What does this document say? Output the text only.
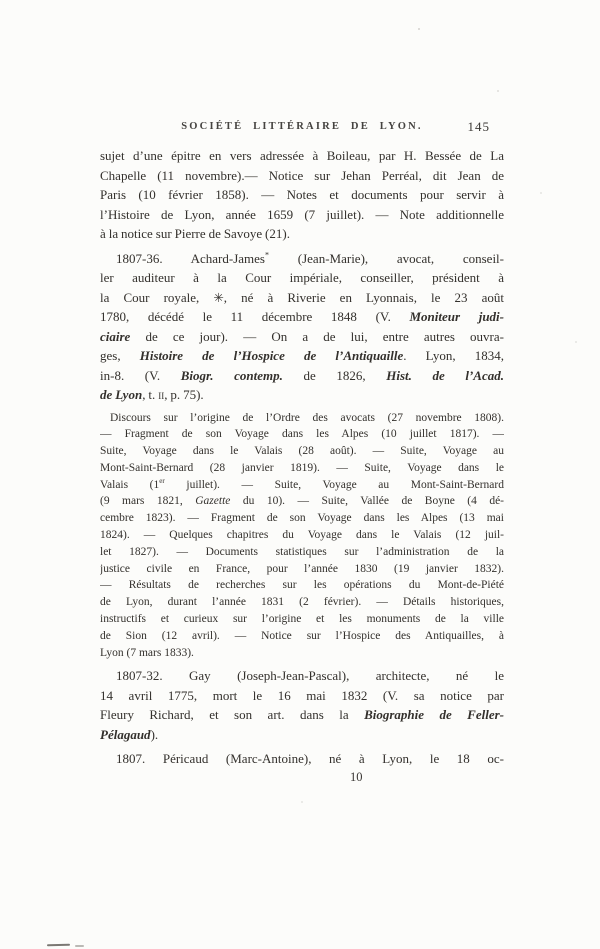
SOCIÉTÉ LITTÉRAIRE DE LYON.	145
sujet d’une épitre en vers adressée à Boileau, par H. Bessée de La
Chapelle (11 novembre).— Notice sur Jehan Perréal, dit Jean de
Paris (10 février 1858). — Notes et documents pour servir à
l’Histoire de Lyon, année 1659 (7 juillet). — Note additionnelle
à la notice sur Pierre de Savoye (21).
1807-36. Achard-James* (Jean-Marie), avocat, conseil-
ler auditeur à la Cour impériale, conseiller, président à
la Cour royale, ✳, né à Riverie en Lyonnais, le 23 août
1780, décédé le 11 décembre 1848 (V. Moniteur judi-
ciaire de ce jour). — On a de lui, entre autres ouvra-
ges, Histoire de l’Hospice de l’Antiquaille. Lyon, 1834,
in-8. (V. Biogr. contemp. de 1826, Hist. de l’Acad.
de Lyon, t. ii, p. 75).
Discours sur l’origine de l’Ordre des avocats (27 novembre 1808).
— Fragment de son Voyage dans les Alpes (10 juillet 1817). —
Suite, Voyage dans le Valais (28 août). — Suite, Voyage au
Mont-Saint-Bernard (28 janvier 1819). — Suite, Voyage dans le
Valais (1er juillet). — Suite, Voyage au Mont-Saint-Bernard
(9 mars 1821, Gazette du 10). — Suite, Vallée de Boyne (4 dé-
cembre 1823). — Fragment de son Voyage dans les Alpes (13 mai
1824). — Quelques chapitres du Voyage dans le Valais (12 juil-
let 1827). — Documents statistiques sur l’administration de la
justice civile en France, pour l’année 1830 (19 janvier 1832).
— Résultats de recherches sur les opérations du Mont-de-Piété
de Lyon, durant l’année 1831 (2 février). — Détails historiques,
instructifs et curieux sur l’origine et les monuments de la ville
de Sion (12 avril). — Notice sur l’Hospice des Antiquailles, à
Lyon (7 mars 1833).
1807-32. Gay (Joseph-Jean-Pascal), architecte, né le
14 avril 1775, mort le 16 mai 1832 (V. sa notice par
Fleury Richard, et son art. dans la Biographie de Feller-
Pélagaud).
1807. Péricaud (Marc-Antoine), né à Lyon, le 18 oc-
10
